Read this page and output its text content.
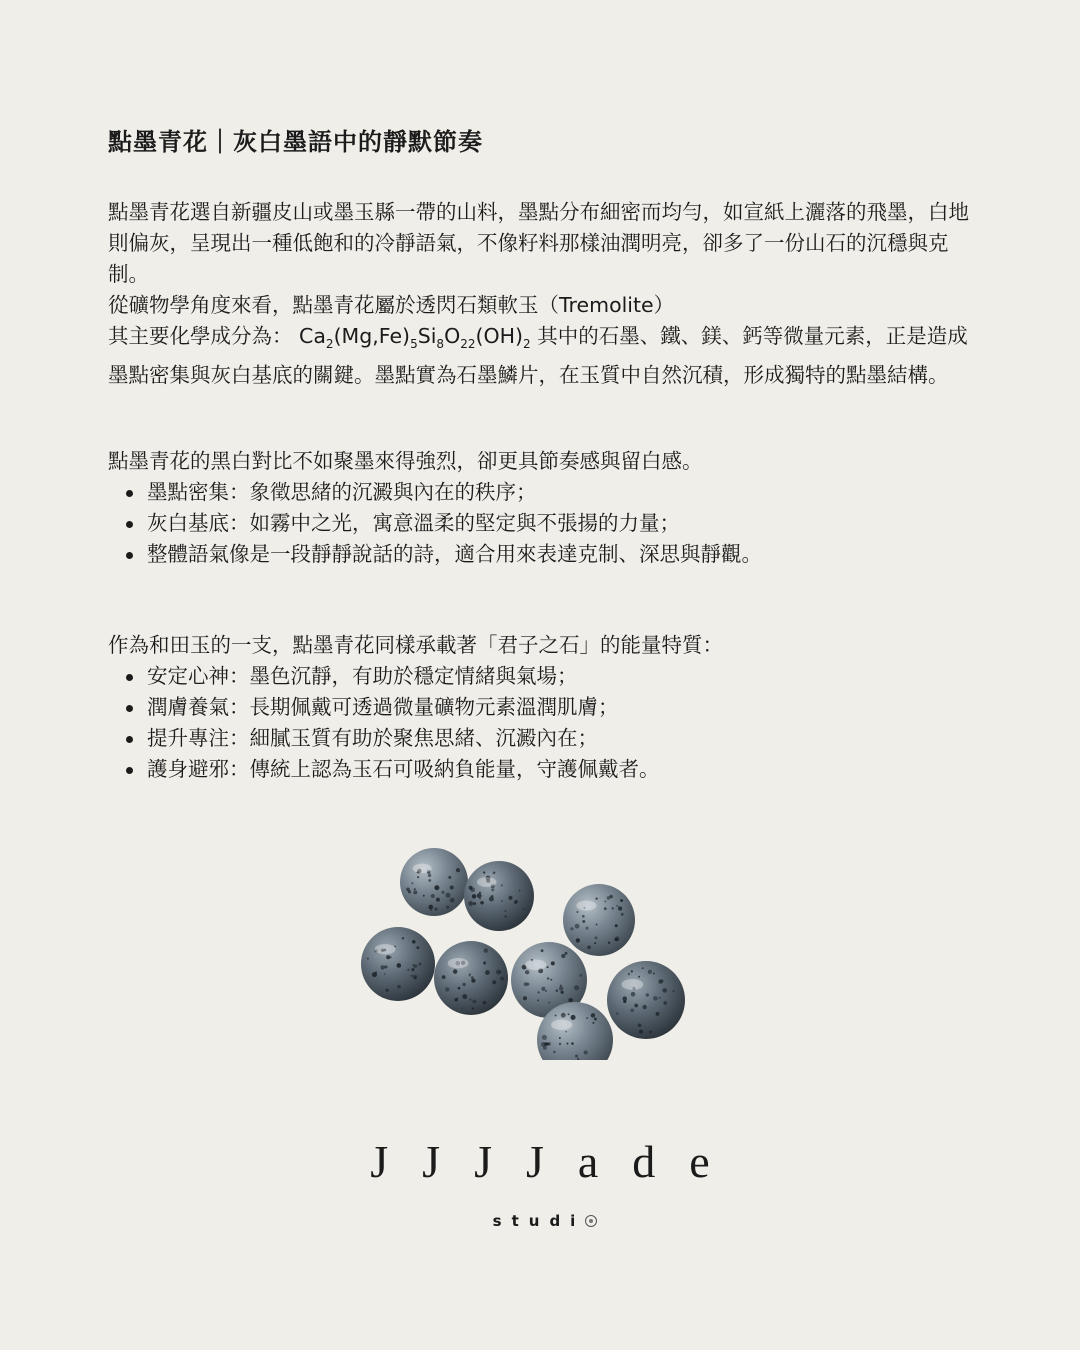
點墨青花｜灰白墨語中的靜默節奏

點墨青花選自新疆皮山或墨玉縣一帶的山料，墨點分布細密而均勻，如宣紙上灑落的飛墨，白地則偏灰，呈現出一種低飽和的冷靜語氣，不像籽料那樣油潤明亮，卻多了一份山石的沉穩與克制。

從礦物學角度來看，點墨青花屬於透閃石類軟玉（Tremolite）

其主要化學成分為： $Ca_2(Mg,Fe)_5Si_8O_{22}(OH)_2$ 其中的石墨、鐵、鎂、鈣等微量元素，正是造成墨點密集與灰白基底的關鍵。墨點實為石墨鱗片，在玉質中自然沉積，形成獨特的點墨結構。

點墨青花的黑白對比不如聚墨來得強烈，卻更具節奏感與留白感。

墨點密集：象徵思緒的沉澱與內在的秩序；
灰白基底：如霧中之光，寓意溫柔的堅定與不張揚的力量；
整體語氣像是一段靜靜說話的詩，適合用來表達克制、深思與靜觀。

作為和田玉的一支，點墨青花同樣承載著「君子之石」的能量特質：

安定心神：墨色沉靜，有助於穩定情緒與氣場；
潤膚養氣：長期佩戴可透過微量礦物元素溫潤肌膚；
提升專注：細膩玉質有助於聚焦思緒、沉澱內在；
護身避邪：傳統上認為玉石可吸納負能量，守護佩戴者。
JJJJade
studi
